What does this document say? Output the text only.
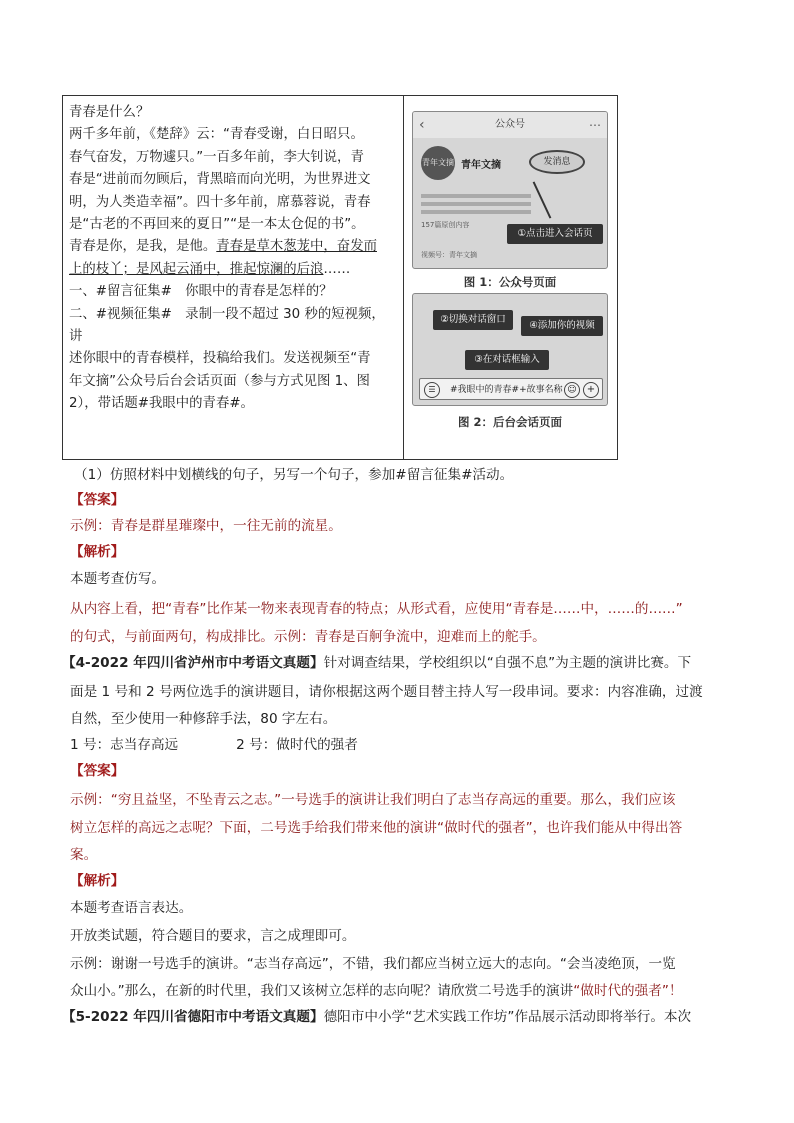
青春是什么？

两千多年前，《楚辞》云：“青春受谢，白日昭只。

春气奋发，万物遽只。”一百多年前，李大钊说，青

春是“进前而勿顾后，背黑暗而向光明，为世界进文

明，为人类造幸福”。四十多年前，席慕蓉说，青春

是“古老的不再回来的夏日”“是一本太仓促的书”。

青春是你，是我，是他。青春是草木葱茏中，奋发而

上的枝丫；是风起云涌中，推起惊澜的后浪……

一、#留言征集#　你眼中的青春是怎样的？

二、#视频征集#　录制一段不超过 30 秒的短视频，讲

述你眼中的青春模样，投稿给我们。发送视频至“青

年文摘”公众号后台会话页面（参与方式见图 1、图

2），带话题#我眼中的青春#。

‹	公众号	⋯
青年文摘 青年文摘	发消息
157篇原创内容
①点击进入会话页
视频号：青年文摘
图 1：公众号页面
②切换对话窗口
④添加你的视频
③在对话框输入
☰	#我眼中的青春#+故事名称 ☺	+
图 2：后台会话页面
（1）仿照材料中划横线的句子，另写一个句子，参加#留言征集#活动。
【答案】
示例：青春是群星璀璨中，一往无前的流星。
【解析】
本题考查仿写。
从内容上看，把“青春”比作某一物来表现青春的特点；从形式看，应使用“青春是……中，……的……”
的句式，与前面两句，构成排比。示例：青春是百舸争流中，迎难而上的舵手。
【4-2022 年四川省泸州市中考语文真题】针对调查结果，学校组织以“自强不息”为主题的演讲比赛。下
面是 1 号和 2 号两位选手的演讲题目，请你根据这两个题目替主持人写一段串词。要求：内容准确，过渡
自然，至少使用一种修辞手法，80 字左右。
1 号：志当存高远	2 号：做时代的强者
【答案】
示例：“穷且益坚，不坠青云之志。”一号选手的演讲让我们明白了志当存高远的重要。那么，我们应该
树立怎样的高远之志呢？下面，二号选手给我们带来他的演讲“做时代的强者”，也许我们能从中得出答
案。
【解析】
本题考查语言表达。
开放类试题，符合题目的要求，言之成理即可。
示例：谢谢一号选手的演讲。“志当存高远”，不错，我们都应当树立远大的志向。“会当凌绝顶，一览
众山小。”那么，在新的时代里，我们又该树立怎样的志向呢？请欣赏二号选手的演讲“做时代的强者”！
【5-2022 年四川省德阳市中考语文真题】德阳市中小学“艺术实践工作坊”作品展示活动即将举行。本次
